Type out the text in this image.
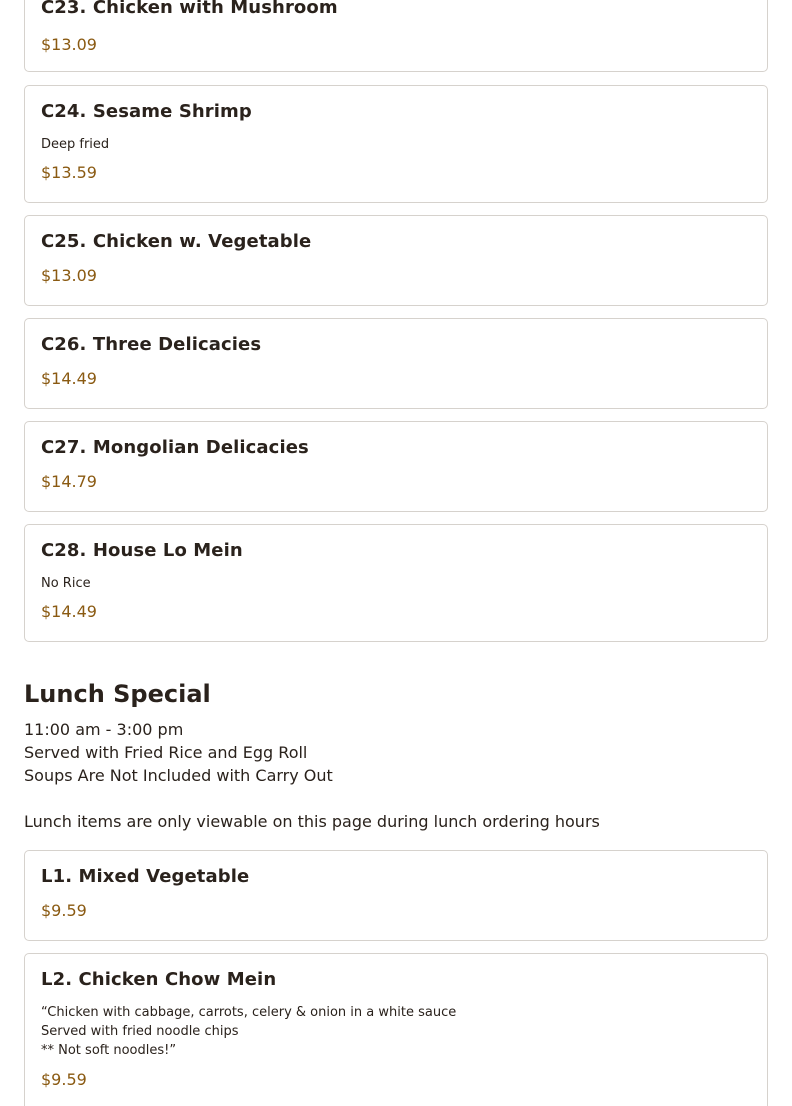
C23. Chicken with Mushroom
$13.09
C24. Sesame Shrimp
Deep fried
$13.59
C25. Chicken w. Vegetable
$13.09
C26. Three Delicacies
$14.49
C27. Mongolian Delicacies
$14.79
C28. House Lo Mein
No Rice
$14.49
Lunch Special
11:00 am - 3:00 pm
Served with Fried Rice and Egg Roll
Soups Are Not Included with Carry Out
Lunch items are only viewable on this page during lunch ordering hours
L1. Mixed Vegetable
$9.59
L2. Chicken Chow Mein
“Chicken with cabbage, carrots, celery & onion in a white sauce
Served with fried noodle chips
** Not soft noodles!”
$9.59
